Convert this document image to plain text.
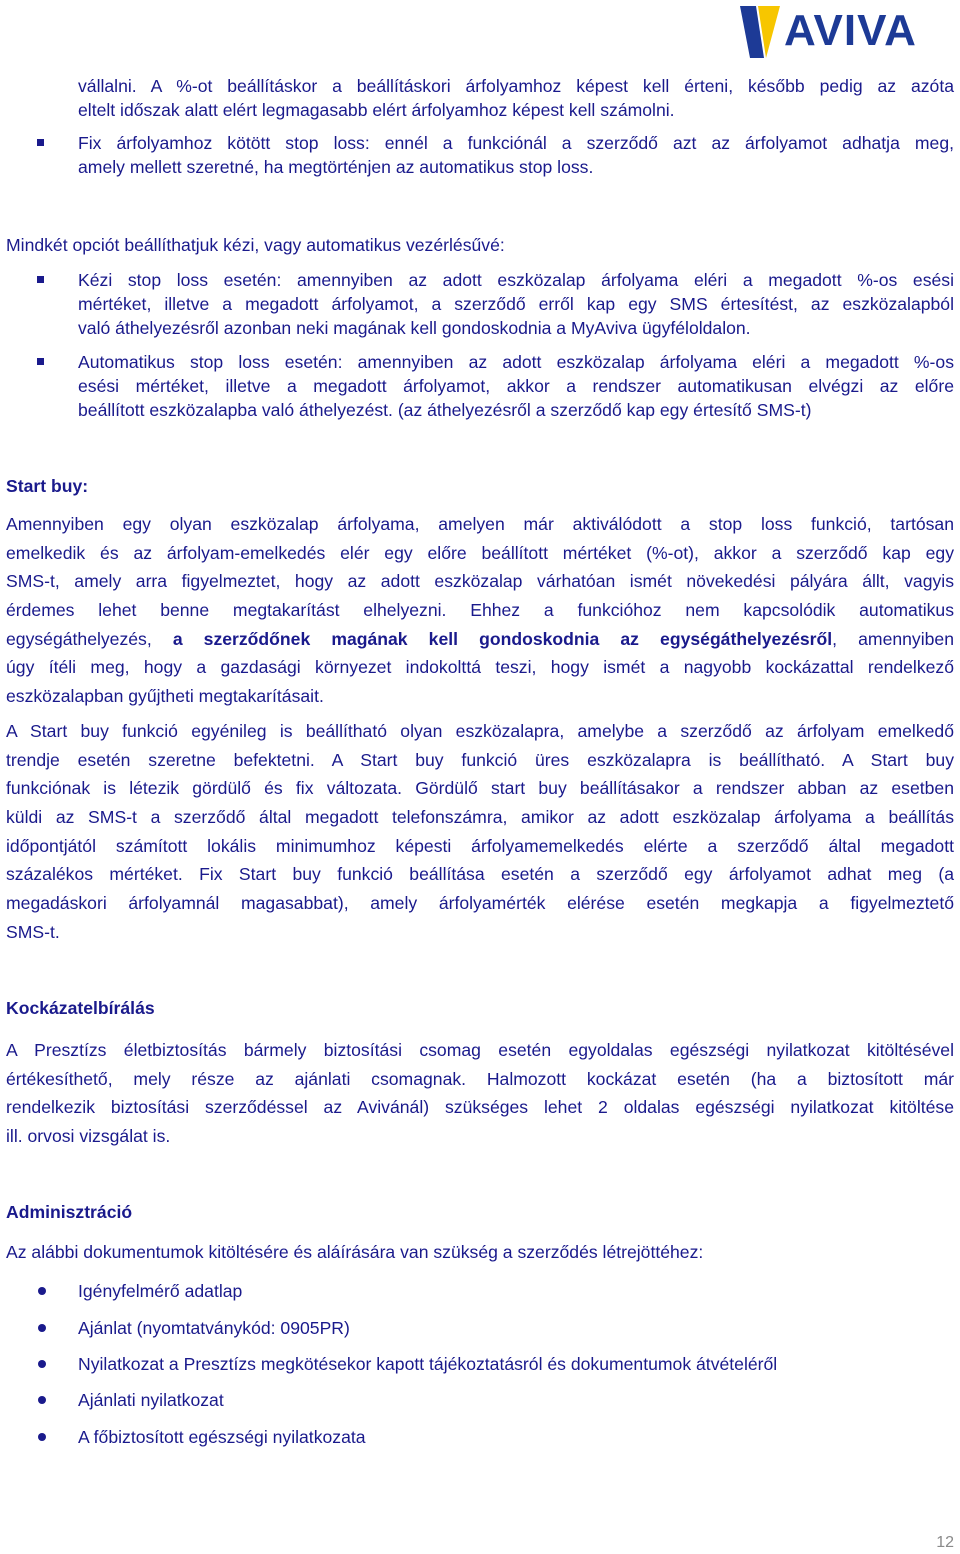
AVIVA

vállalni. A %-ot beállításkor a beállításkori árfolyamhoz képest kell érteni, később pedig az azóta

eltelt időszak alatt elért legmagasabb elért árfolyamhoz képest kell számolni.

Fix árfolyamhoz kötött stop loss: ennél a funkciónál a szerződő azt az árfolyamot adhatja meg,

amely mellett szeretné, ha megtörténjen az automatikus stop loss.

Mindkét opciót beállíthatjuk kézi, vagy automatikus vezérlésűvé:

Kézi stop loss esetén: amennyiben az adott eszközalap árfolyama eléri a megadott %-os esési

mértéket, illetve a megadott árfolyamot, a szerződő erről kap egy SMS értesítést, az eszközalapból

való áthelyezésről azonban neki magának kell gondoskodnia a MyAviva ügyféloldalon.

Automatikus stop loss esetén: amennyiben az adott eszközalap árfolyama eléri a megadott %-os

esési mértéket, illetve a megadott árfolyamot, akkor a rendszer automatikusan elvégzi az előre

beállított eszközalapba való áthelyezést. (az áthelyezésről a szerződő kap egy értesítő SMS-t)

Start buy:

Amennyiben egy olyan eszközalap árfolyama, amelyen már aktiválódott a stop loss funkció, tartósan

emelkedik és az árfolyam-emelkedés elér egy előre beállított mértéket (%-ot), akkor a szerződő kap egy

SMS-t, amely arra figyelmeztet, hogy az adott eszközalap várhatóan ismét növekedési pályára állt, vagyis

érdemes lehet benne megtakarítást elhelyezni. Ehhez a funkcióhoz nem kapcsolódik automatikus

egységáthelyezés, a szerződőnek magának kell gondoskodnia az egységáthelyezésről, amennyiben

úgy ítéli meg, hogy a gazdasági környezet indokolttá teszi, hogy ismét a nagyobb kockázattal rendelkező

eszközalapban gyűjtheti megtakarításait.

A Start buy funkció egyénileg is beállítható olyan eszközalapra, amelybe a szerződő az árfolyam emelkedő

trendje esetén szeretne befektetni. A Start buy funkció üres eszközalapra is beállítható. A Start buy

funkciónak is létezik gördülő és fix változata. Gördülő start buy beállításakor a rendszer abban az esetben

küldi az SMS-t a szerződő által megadott telefonszámra, amikor az adott eszközalap árfolyama a beállítás

időpontjától számított lokális minimumhoz képesti árfolyamemelkedés elérte a szerződő által megadott

százalékos mértéket. Fix Start buy funkció beállítása esetén a szerződő egy árfolyamot adhat meg (a

megadáskori árfolyamnál magasabbat), amely árfolyamérték elérése esetén megkapja a figyelmeztető

SMS-t.

Kockázatelbírálás

A Presztízs életbiztosítás bármely biztosítási csomag esetén egyoldalas egészségi nyilatkozat kitöltésével

értékesíthető, mely része az ajánlati csomagnak. Halmozott kockázat esetén (ha a biztosított már

rendelkezik biztosítási szerződéssel az Avivánál) szükséges lehet 2 oldalas egészségi nyilatkozat kitöltése

ill. orvosi vizsgálat is.

Adminisztráció

Az alábbi dokumentumok kitöltésére és aláírására van szükség a szerződés létrejöttéhez:

Igényfelmérő adatlap
Ajánlat (nyomtatványkód: 0905PR)
Nyilatkozat a Presztízs megkötésekor kapott tájékoztatásról és dokumentumok átvételéről
Ajánlati nyilatkozat
A főbiztosított egészségi nyilatkozata
12
